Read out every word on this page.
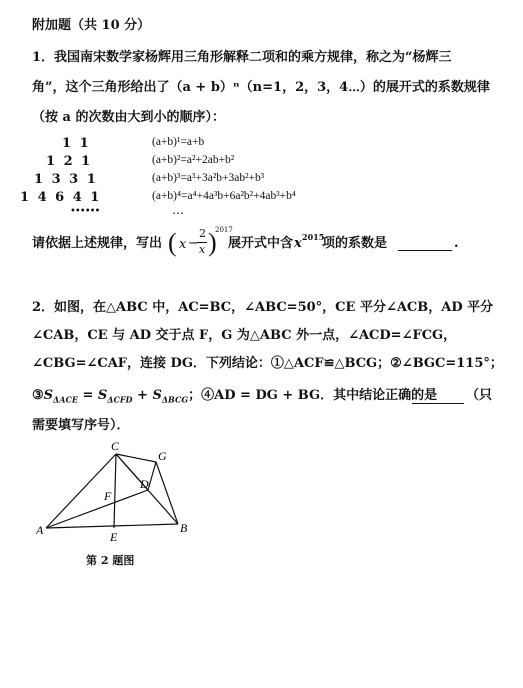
附加题（共 10 分）
1．我国南宋数学家杨辉用三角形解释二项和的乘方规律，称之为“杨辉三
角”，这个三角形给出了（a + b）ⁿ（n=1，2，3，4⋯）的展开式的系数规律
（按 a 的次数由大到小的顺序）：
1 1
1 2 1
1 3 3 1
1 4 6 4 1
••••••
(a+b)¹=a+b
(a+b)²=a²+2ab+b²
(a+b)³=a³+3a²b+3ab²+b³
(a+b)⁴=a⁴+4a³b+6a²b²+4ab³+b⁴
⋯
请依据上述规律，写出 ( x −
2
x )
2017
展开式中含 x 2015
项的系数是	.
2．如图，在△ABC 中，AC=BC，∠ABC=50°，CE 平分∠ACB，AD 平分
∠CAB，CE 与 AD 交于点 F，G 为△ABC 外一点，∠ACD=∠FCG，
∠CBG=∠CAF，连接 DG．下列结论：①△ACF≌△BCG；②∠BGC=115°；
$③S_{\Delta ACE} = S_{\Delta CFD} + S_{\Delta BCG}$；④AD = DG + BG．其中结论正确的是 （只
需要填写序号）．
C
G
D
F
A	B
E
第 2 题图
